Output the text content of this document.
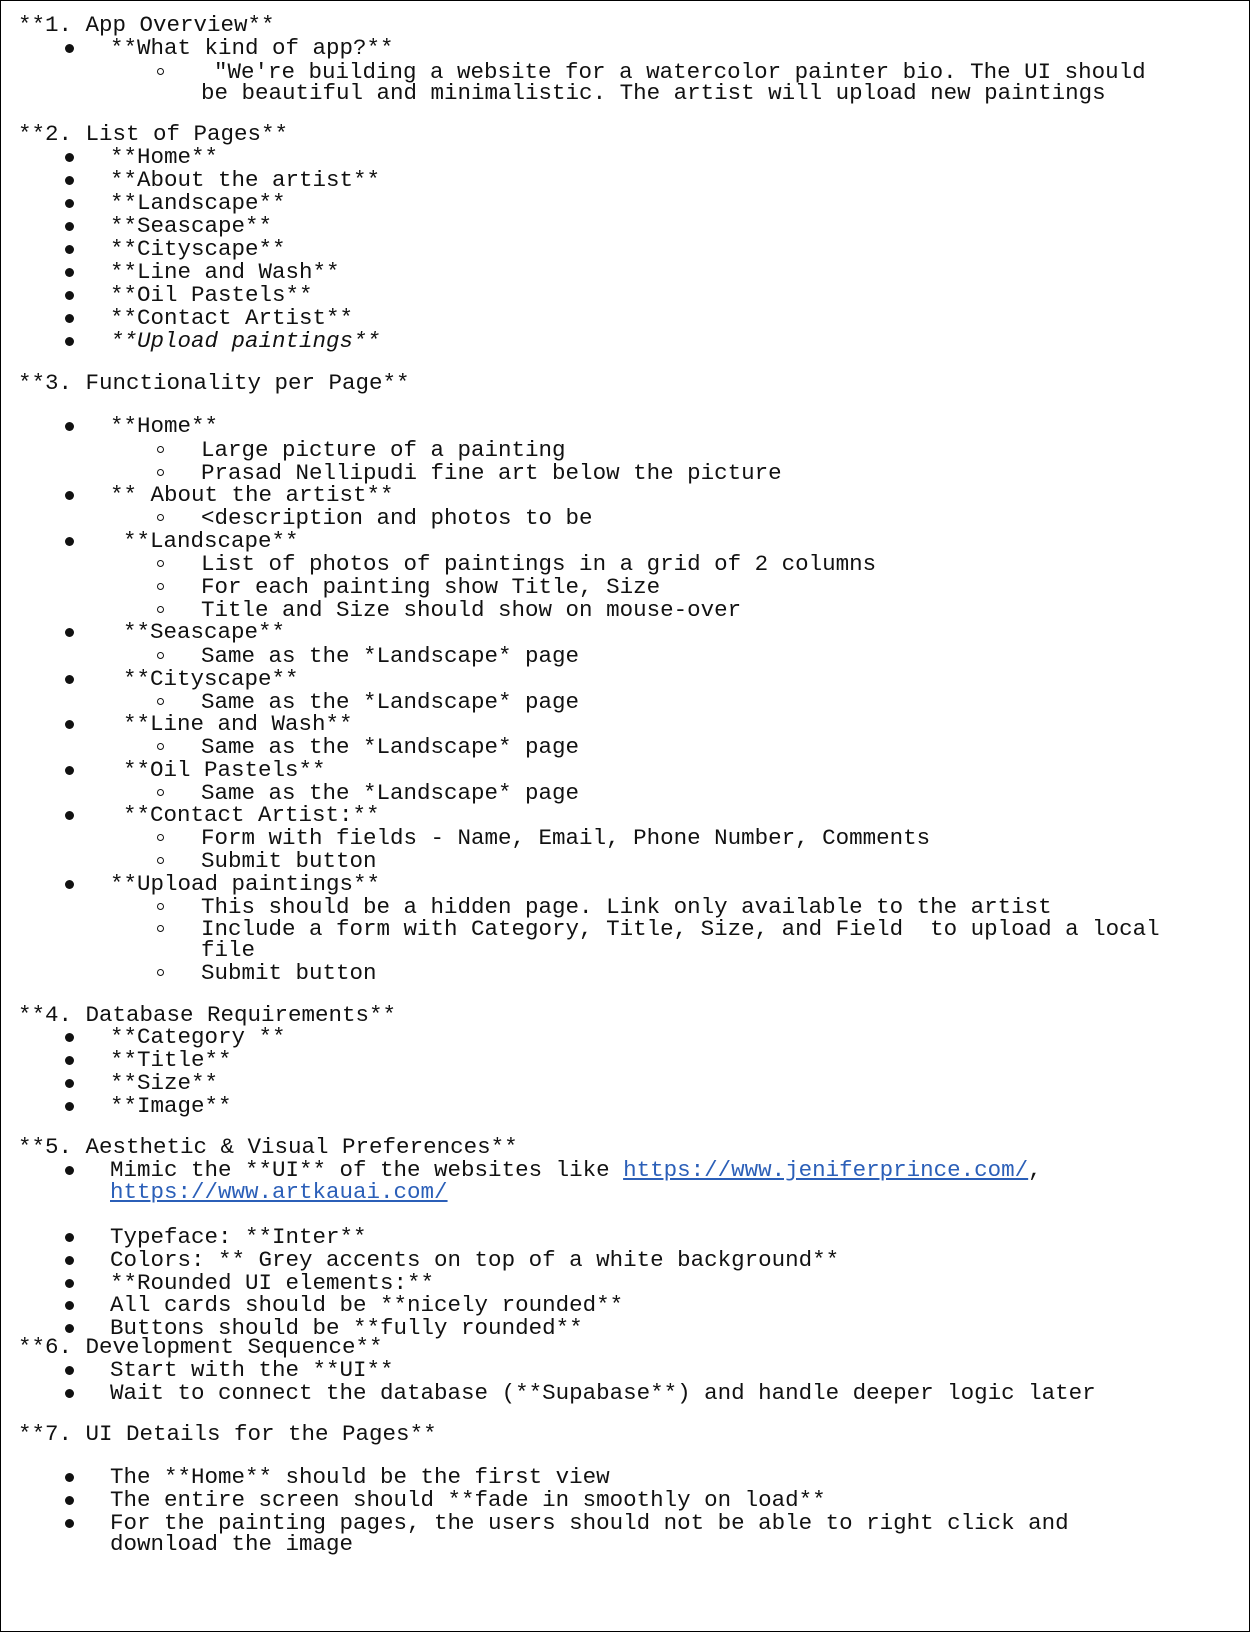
**1. App Overview**
**What kind of app?**
"We're building a website for a watercolor painter bio. The UI should
be beautiful and minimalistic. The artist will upload new paintings
**2. List of Pages**
**Home**
**About the artist**
**Landscape**
**Seascape**
**Cityscape**
**Line and Wash**
**Oil Pastels**
**Contact Artist**
**Upload paintings**
**3. Functionality per Page**
**Home**
Large picture of a painting
Prasad Nellipudi fine art below the picture
** About the artist**
<description and photos to be
**Landscape**
List of photos of paintings in a grid of 2 columns
For each painting show Title, Size
Title and Size should show on mouse-over
**Seascape**
Same as the *Landscape* page
**Cityscape**
Same as the *Landscape* page
**Line and Wash**
Same as the *Landscape* page
**Oil Pastels**
Same as the *Landscape* page
**Contact Artist:**
Form with fields - Name, Email, Phone Number, Comments
Submit button
**Upload paintings**
This should be a hidden page. Link only available to the artist
Include a form with Category, Title, Size, and Field  to upload a local
file
Submit button
**4. Database Requirements**
**Category **
**Title**
**Size**
**Image**
**5. Aesthetic & Visual Preferences**
Mimic the **UI** of the websites like https://www.jeniferprince.com/,
https://www.artkauai.com/
Typeface: **Inter**
Colors: ** Grey accents on top of a white background**
**Rounded UI elements:**
All cards should be **nicely rounded**
Buttons should be **fully rounded**
**6. Development Sequence**
Start with the **UI**
Wait to connect the database (**Supabase**) and handle deeper logic later
**7. UI Details for the Pages**
The **Home** should be the first view
The entire screen should **fade in smoothly on load**
For the painting pages, the users should not be able to right click and
download the image
